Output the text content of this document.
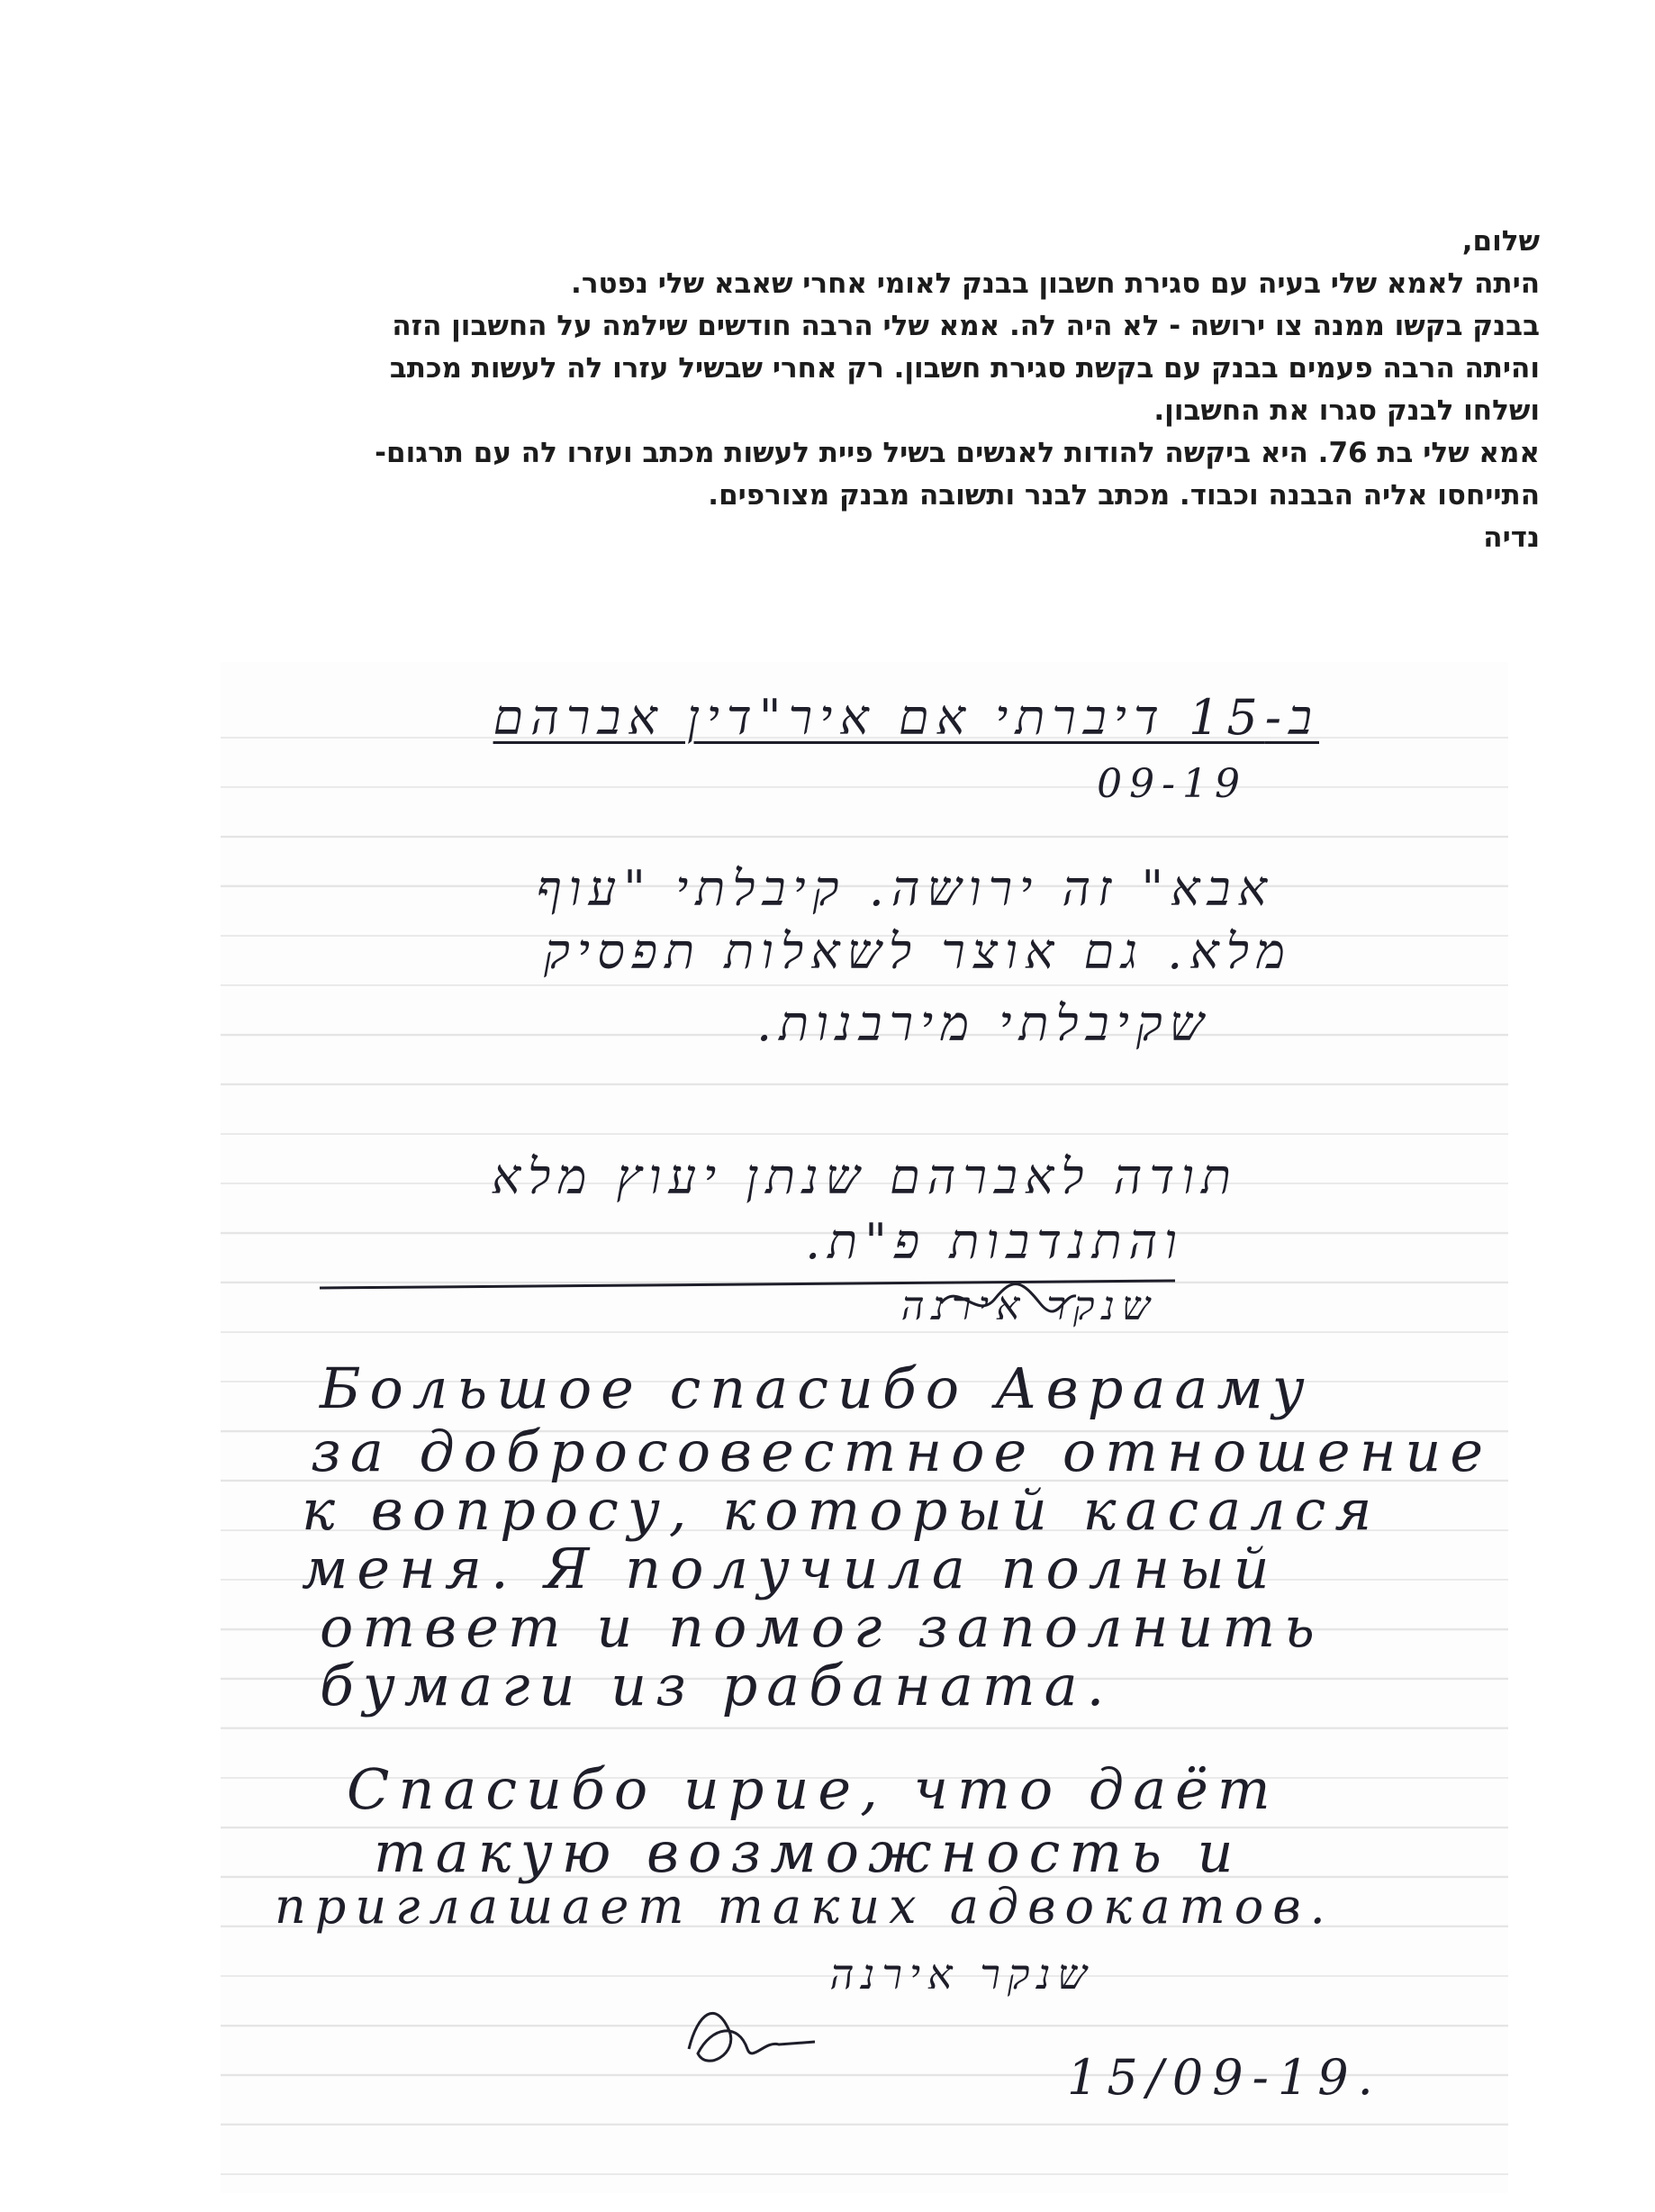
שלום,
היתה לאמא שלי בעיה עם סגירת חשבון בבנק לאומי אחרי שאבא שלי נפטר.
בבנק בקשו ממנה צו ירושה - לא היה לה. אמא שלי הרבה חודשים שילמה על החשבון הזה
והיתה הרבה פעמים בבנק עם בקשת סגירת חשבון. רק אחרי שבשיל עזרו לה לעשות מכתב
ושלחו לבנק סגרו את החשבון.
אמא שלי בת 76. היא ביקשה להודות לאנשים בשיל פיית לעשות מכתב ועזרו לה עם תרגום-
התייחסו אליה הבבנה וכבוד. מכתב לבנר ותשובה מבנק מצורפים.
נדיה
ב-15 דיברתי אם איר"דין אברהם
09-19
אבא" זה ירושה. קיבלתי "עוף
מלא. גם אוצר לשאלות תפסיק
שקיבלתי מירבנות.
תודה לאברהם שנתן יעוץ מלא
והתנדבות פ"ת.
שנקר אירנה
Большое спасибо Авраамy
за добросовестное отношение
к вопросу, который касался
меня. Я получила полный
ответ и помог заполнить
бумаги из рабаната.
Спасибо ирие, что даёт
такую возможность и
приглашает таких адвокатов.
שנקר אירנה
15/09-19.
